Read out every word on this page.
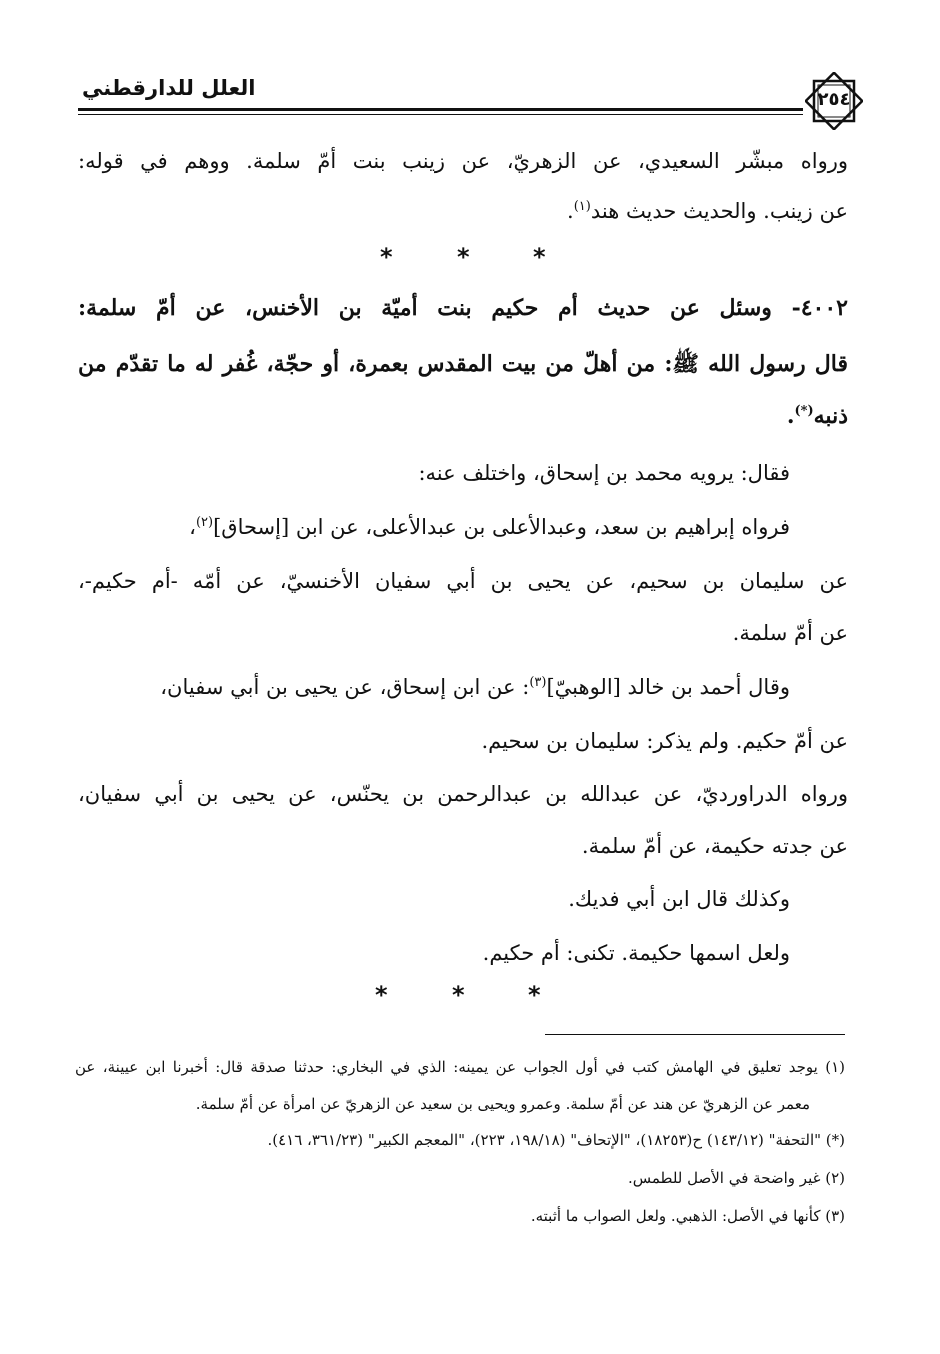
العلل للدارقطني	٢٥٤
ورواه مبشّر السعيدي، عن الزهريّ، عن زينب بنت أمّ سلمة. ووهم في قوله:
عن زينب. والحديث حديث هند$^{(١)}$.
*	*	*
٤٠٠٢- وسئل عن حديث أم حكيم بنت أميّة بن الأخنس، عن أمّ سلمة:
قال رسول الله ﷺ: من أهلّ من بيت المقدس بعمرة، أو حجّة، غُفر له ما تقدّم من
ذنبه(*).
فقال: يرويه محمد بن إسحاق، واختلف عنه:
فرواه إبراهيم بن سعد، وعبدالأعلى بن عبدالأعلى، عن ابن [إسحاق]$^{(٢)}$،
عن سليمان بن سحيم، عن يحيى بن أبي سفيان الأخنسيّ، عن أمّه -أم حكيم-،
عن أمّ سلمة.
وقال أحمد بن خالد [الوهبيّ]$^{(٣)}$: عن ابن إسحاق، عن يحيى بن أبي سفيان،
عن أمّ حكيم. ولم يذكر: سليمان بن سحيم.
ورواه الدراورديّ، عن عبدالله بن عبدالرحمن بن يحنّس، عن يحيى بن أبي سفيان،
عن جدته حكيمة، عن أمّ سلمة.
وكذلك قال ابن أبي فديك.
ولعل اسمها حكيمة. تكنى: أم حكيم.
*	*	*
(١) يوجد تعليق في الهامش كتب في أول الجواب عن يمينه: الذي في البخاري: حدثنا صدقة قال: أخبرنا ابن عيينة، عن
معمر عن الزهريّ عن هند عن أمّ سلمة. وعمرو ويحيى بن سعيد عن الزهريّ عن امرأة عن أمّ سلمة.
(*) "التحفة" (١٤٣/١٢) ح(١٨٢٥٣)، "الإتحاف" (١٩٨/١٨، ٢٢٣)، "المعجم الكبير" (٣٦١/٢٣، ٤١٦).
(٢) غير واضحة في الأصل للطمس.
(٣) كأنها في الأصل: الذهبي. ولعل الصواب ما أثبته.
